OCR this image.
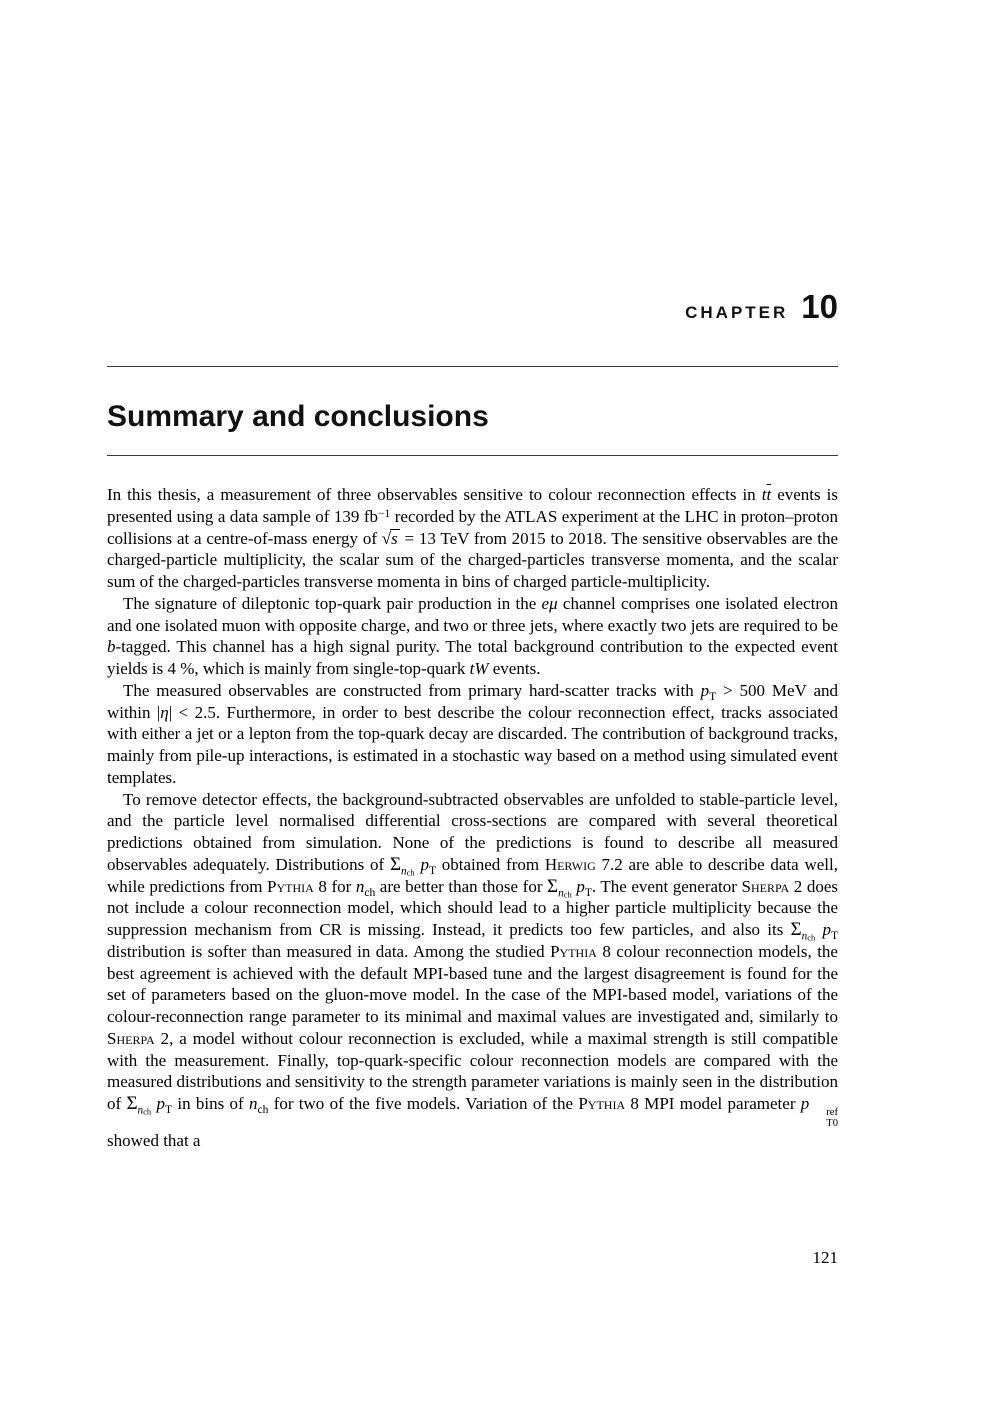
CHAPTER 10
Summary and conclusions

In this thesis, a measurement of three observables sensitive to colour reconnection effects in $t\overline{t}$ events is presented using a data sample of 139 $fb^{-1}$ recorded by the ATLAS experiment at the LHC in proton–proton collisions at a centre-of-mass energy of √s = 13 TeV from 2015 to 2018. The sensitive observables are the charged-particle multiplicity, the scalar sum of the charged-particles transverse momenta, and the scalar sum of the charged-particles transverse momenta in bins of charged particle-multiplicity.

The signature of dileptonic top-quark pair production in the eμ channel comprises one isolated electron and one isolated muon with opposite charge, and two or three jets, where exactly two jets are required to be b-tagged. This channel has a high signal purity. The total background contribution to the expected event yields is 4 %, which is mainly from single-top-quark tW events.

The measured observables are constructed from primary hard-scatter tracks with $p_T > 500$ MeV and within |η| < 2.5. Furthermore, in order to best describe the colour reconnection effect, tracks associated with either a jet or a lepton from the top-quark decay are discarded. The contribution of background tracks, mainly from pile-up interactions, is estimated in a stochastic way based on a method using simulated event templates.

To remove detector effects, the background-subtracted observables are unfolded to stable-particle level, and the particle level normalised differential cross-sections are compared with several theoretical predictions obtained from simulation. None of the predictions is found to describe all measured observables adequately. Distributions of $\Sigma_{nch}$ $p_T$ obtained from Herwig 7.2 are able to describe data well, while predictions from Pythia 8 for $n_{ch}$ are better than those for $\Sigma_{nch}$ $p_T$. The event generator Sherpa 2 does not include a colour reconnection model, which should lead to a higher particle multiplicity because the suppression mechanism from CR is missing. Instead, it predicts too few particles, and also its $\Sigma_{nch}$ $p_T$ distribution is softer than measured in data. Among the studied Pythia 8 colour reconnection models, the best agreement is achieved with the default MPI-based tune and the largest disagreement is found for the set of parameters based on the gluon-move model. In the case of the MPI-based model, variations of the colour-reconnection range parameter to its minimal and maximal values are investigated and, similarly to Sherpa 2, a model without colour reconnection is excluded, while a maximal strength is still compatible with the measurement. Finally, top-quark-specific colour reconnection models are compared with the measured distributions and sensitivity to the strength parameter variations is mainly seen in the distribution of $\Sigma_{nch}$ $p_T$ in bins of $n_{ch}$ for two of the five models. Variation of the Pythia 8 MPI model parameter p	ref
T0
showed that a

121
